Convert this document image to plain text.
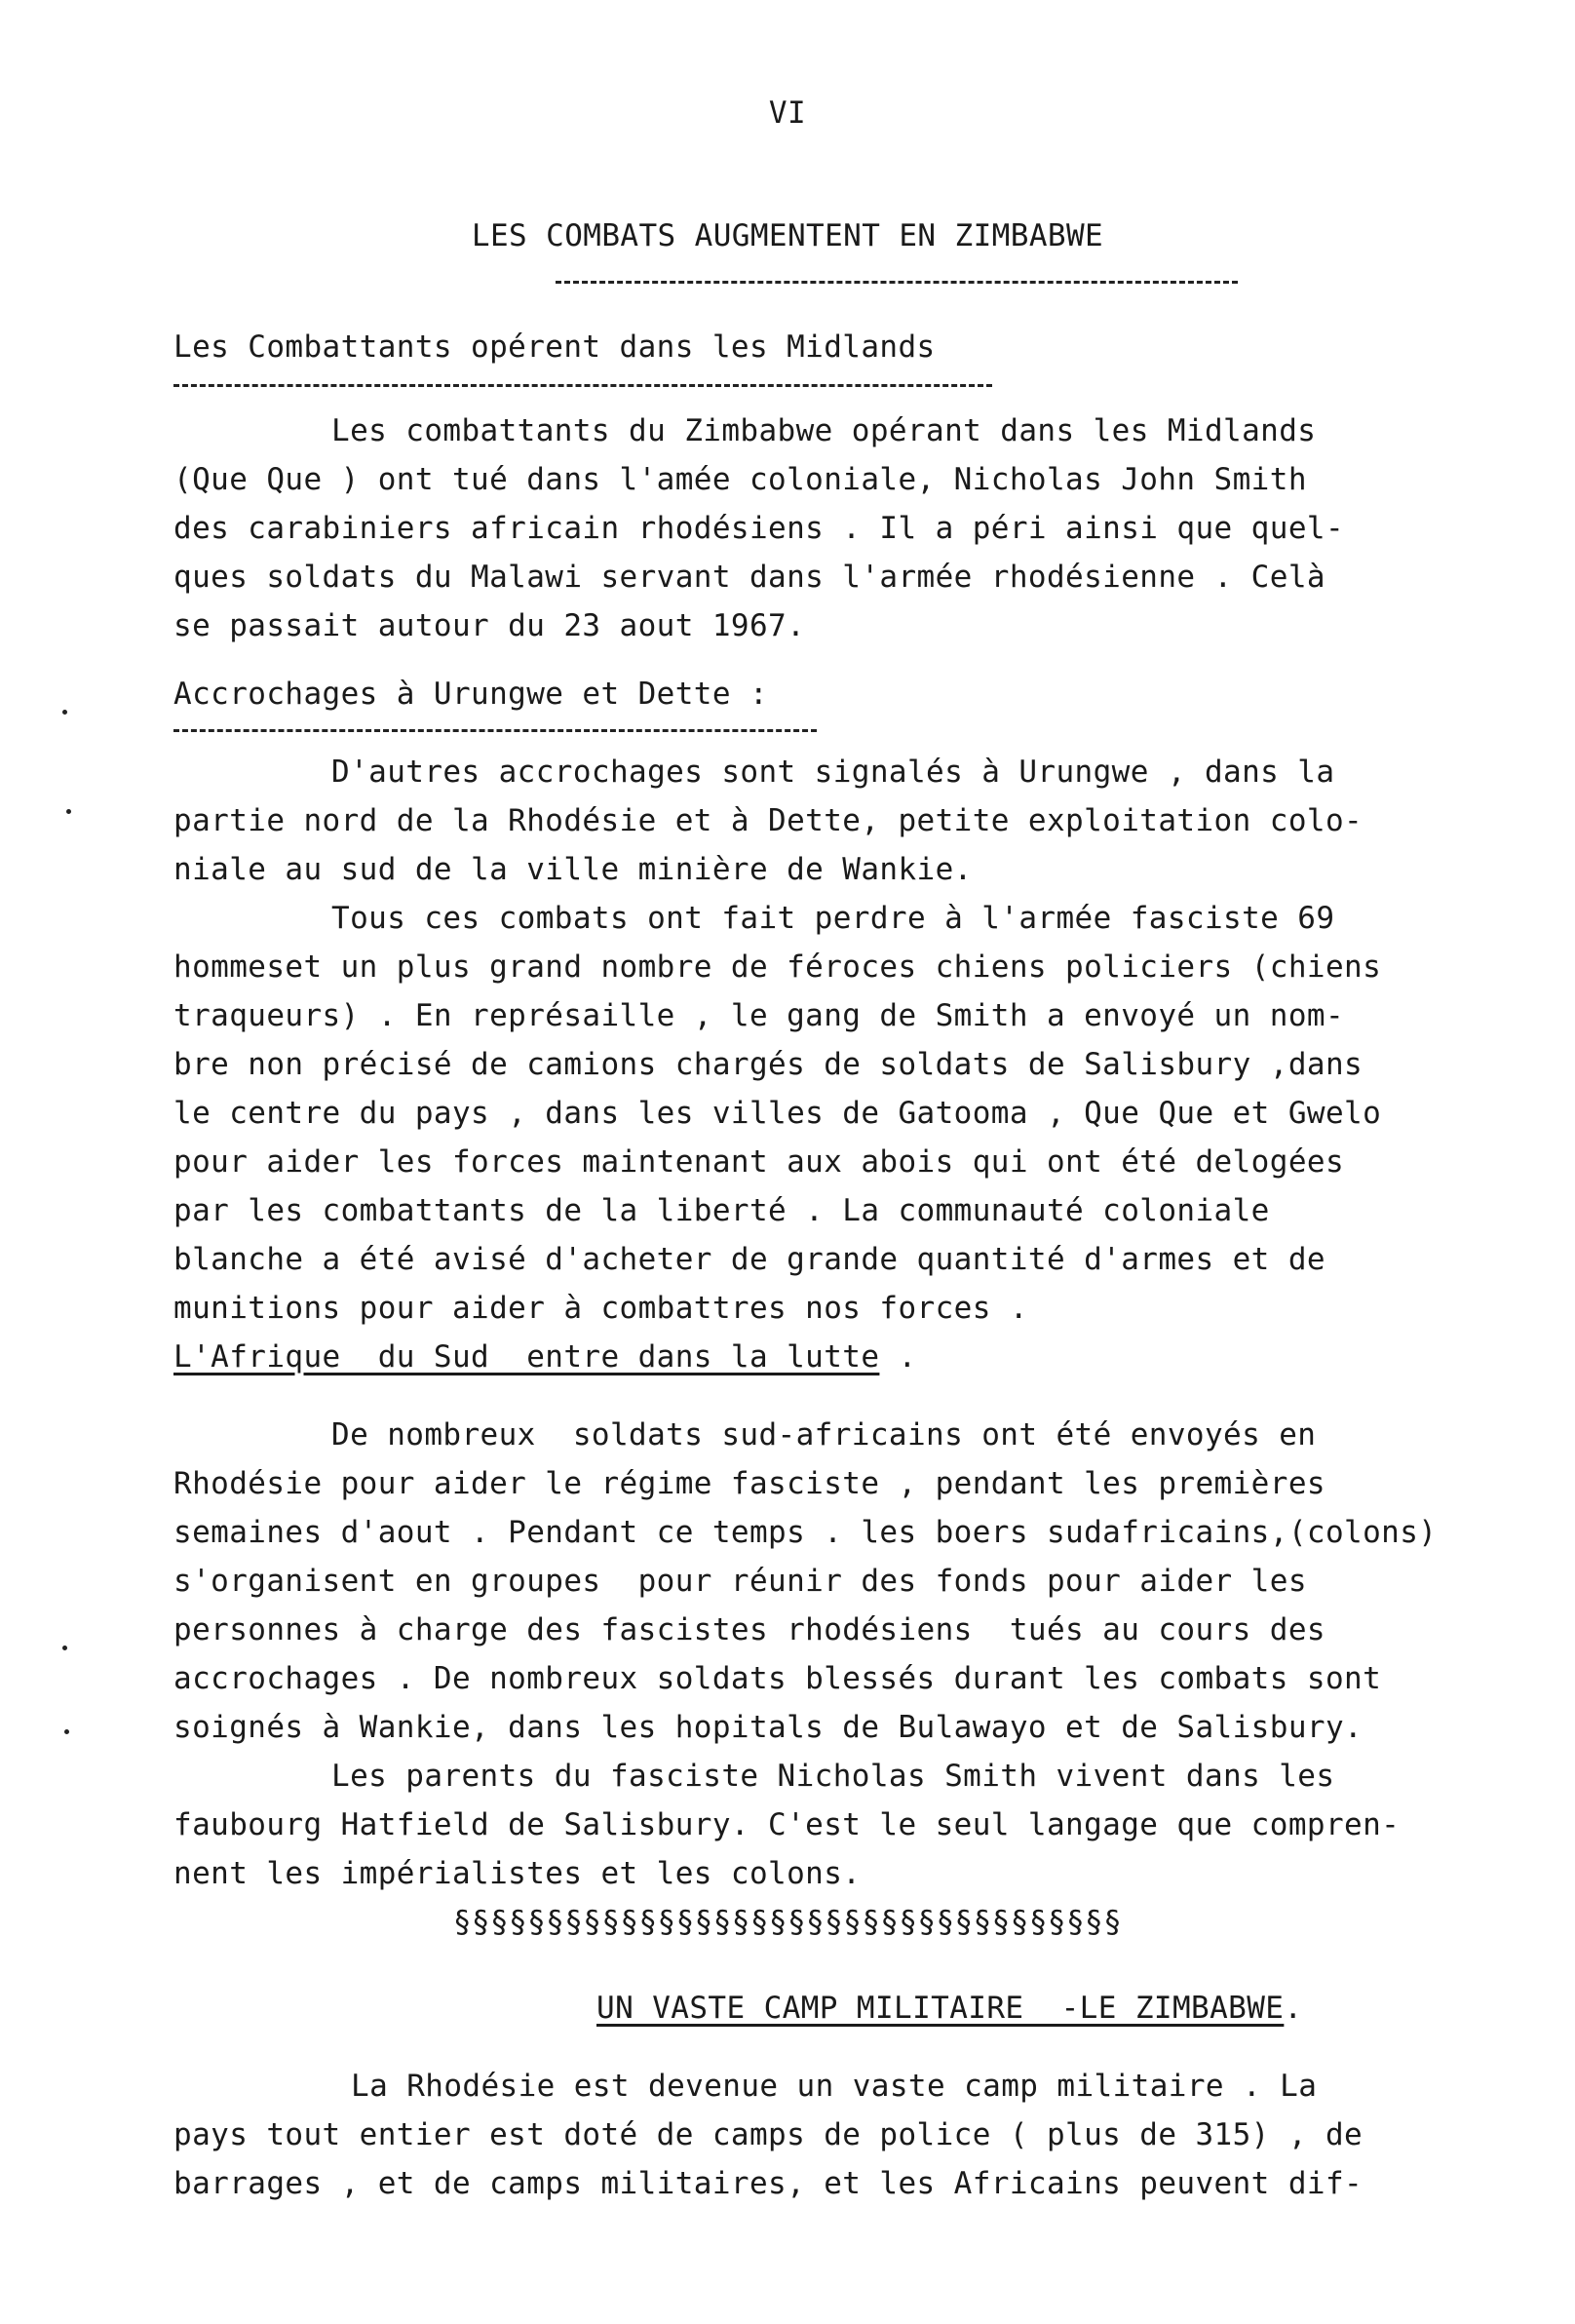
VI
LES COMBATS AUGMENTENT EN ZIMBABWE
Les Combattants opérent dans les Midlands
Les combattants du Zimbabwe opérant dans les Midlands
(Que Que ) ont tué dans l'amée coloniale, Nicholas John Smith
des carabiniers africain rhodésiens . Il a péri ainsi que quel-
ques soldats du Malawi servant dans l'armée rhodésienne . Celà
se passait autour du 23 aout 1967.
Accrochages à Urungwe et Dette :
D'autres accrochages sont signalés à Urungwe , dans la
partie nord de la Rhodésie et à Dette, petite exploitation colo-
niale au sud de la ville minière de Wankie.
Tous ces combats ont fait perdre à l'armée fasciste 69
hommeset un plus grand nombre de féroces chiens policiers (chiens
traqueurs) . En représaille , le gang de Smith a envoyé un nom-
bre non précisé de camions chargés de soldats de Salisbury ,dans
le centre du pays , dans les villes de Gatooma , Que Que et Gwelo
pour aider les forces maintenant aux abois qui ont été delogées
par les combattants de la liberté . La communauté coloniale
blanche a été avisé d'acheter de grande quantité d'armes et de
munitions pour aider à combattres nos forces .
L'Afrique  du Sud  entre dans la lutte .
De nombreux  soldats sud-africains ont été envoyés en
Rhodésie pour aider le régime fasciste , pendant les premières
semaines d'aout . Pendant ce temps . les boers sudafricains,(colons)
s'organisent en groupes  pour réunir des fonds pour aider les
personnes à charge des fascistes rhodésiens  tués au cours des
accrochages . De nombreux soldats blessés durant les combats sont
soignés à Wankie, dans les hopitals de Bulawayo et de Salisbury.
Les parents du fasciste Nicholas Smith vivent dans les
faubourg Hatfield de Salisbury. C'est le seul langage que compren-
nent les impérialistes et les colons.
§§§§§§§§§§§§§§§§§§§§§§§§§§§§§§§§§§§§
UN VASTE CAMP MILITAIRE  -LE ZIMBABWE.
La Rhodésie est devenue un vaste camp militaire . La
pays tout entier est doté de camps de police ( plus de 315) , de
barrages , et de camps militaires, et les Africains peuvent dif-
